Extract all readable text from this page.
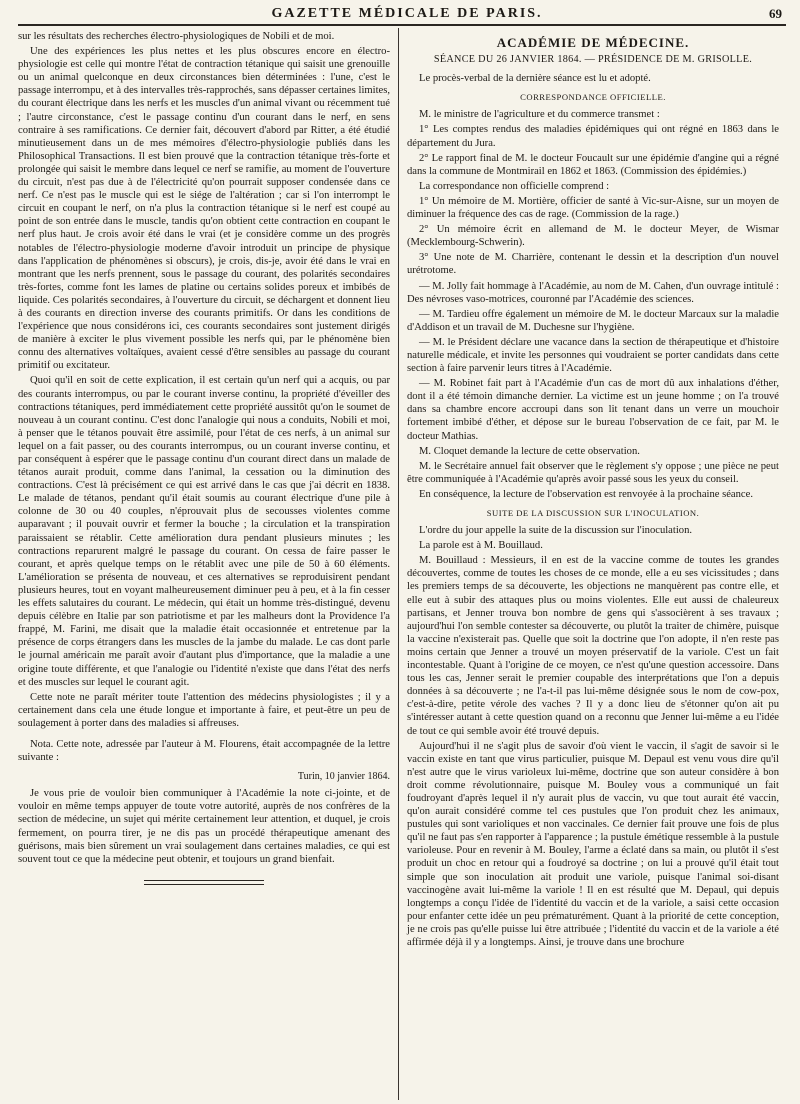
GAZETTE MÉDICALE DE PARIS.	69

sur les résultats des recherches électro-physiologiques de Nobili et de moi.

Une des expériences les plus nettes et les plus obscures encore en électro-physiologie est celle qui montre l'état de contraction tétanique qui saisit une grenouille ou un animal quelconque en deux circonstances bien déterminées : l'une, c'est le passage interrompu, et à des intervalles très-rapprochés, sans dépasser certaines limites, du courant électrique dans les nerfs et les muscles d'un animal vivant ou récemment tué ; l'autre circonstance, c'est le passage continu d'un courant dans le nerf, en sens contraire à ses ramifications. Ce dernier fait, découvert d'abord par Ritter, a été étudié minutieusement dans un de mes mémoires d'électro-physiologie publiés dans les Philosophical Transactions. Il est bien prouvé que la contraction tétanique très-forte et prolongée qui saisit le membre dans lequel ce nerf se ramifie, au moment de l'ouverture du circuit, n'est pas due à de l'électricité qu'on pourrait supposer condensée dans ce nerf. Ce n'est pas le muscle qui est le siége de l'altération ; car si l'on interrompt le circuit en coupant le nerf, on n'a plus la contraction tétanique si le nerf est coupé au point de son entrée dans le muscle, tandis qu'on obtient cette contraction en coupant le nerf plus haut. Je crois avoir été dans le vrai (et je considère comme un des progrès notables de l'électro-physiologie moderne d'avoir introduit un principe de physique dans l'application de phénomènes si obscurs), je crois, dis-je, avoir été dans le vrai en montrant que les nerfs prennent, sous le passage du courant, des polarités secondaires très-fortes, comme font les lames de platine ou certains solides poreux et imbibés de liquide. Ces polarités secondaires, à l'ouverture du circuit, se déchargent et donnent lieu à des courants en direction inverse des courants primitifs. Or dans les conditions de l'expérience que nous considérons ici, ces courants secondaires sont justement dirigés de manière à exciter le plus vivement possible les nerfs qui, par le phénomène bien connu des alternatives voltaïques, avaient cessé d'être sensibles au passage du courant primitif ou excitateur.

Quoi qu'il en soit de cette explication, il est certain qu'un nerf qui a acquis, ou par des courants interrompus, ou par le courant inverse continu, la propriété d'éveiller des contractions tétaniques, perd immédiatement cette propriété aussitôt qu'on le soumet de nouveau à un courant continu. C'est donc l'analogie qui nous a conduits, Nobili et moi, à penser que le tétanos pouvait être assimilé, pour l'état de ces nerfs, à un animal sur lequel on a fait passer, ou des courants interrompus, ou un courant inverse continu, et par conséquent à espérer que le passage continu d'un courant direct dans un malade de tétanos aurait produit, comme dans l'animal, la cessation ou la diminution des contractions. C'est là précisément ce qui est arrivé dans le cas que j'ai décrit en 1838. Le malade de tétanos, pendant qu'il était soumis au courant électrique d'une pile à colonne de 30 ou 40 couples, n'éprouvait plus de secousses violentes comme auparavant ; il pouvait ouvrir et fermer la bouche ; la circulation et la transpiration paraissaient se rétablir. Cette amélioration dura pendant plusieurs minutes ; les contractions reparurent malgré le passage du courant. On cessa de faire passer le courant, et après quelque temps on le rétablit avec une pile de 50 à 60 éléments. L'amélioration se présenta de nouveau, et ces alternatives se reproduisirent pendant plusieurs heures, tout en voyant malheureusement diminuer peu à peu, et à la fin cesser les effets salutaires du courant. Le médecin, qui était un homme très-distingué, devenu depuis célèbre en Italie par son patriotisme et par les malheurs dont la Providence l'a frappé, M. Farini, me disait que la maladie était occasionnée et entretenue par la présence de corps étrangers dans les muscles de la jambe du malade. Le cas dont parle le journal américain me paraît avoir d'autant plus d'importance, que la maladie a une origine toute différente, et que l'analogie ou l'identité n'existe que dans l'état des nerfs et des muscles sur lequel le courant agit.

Cette note ne paraît mériter toute l'attention des médecins physiologistes ; il y a certainement dans cela une étude longue et importante à faire, et peut-être un peu de soulagement à porter dans des maladies si affreuses.

Nota. Cette note, adressée par l'auteur à M. Flourens, était accompagnée de la lettre suivante :

Turin, 10 janvier 1864.

Je vous prie de vouloir bien communiquer à l'Académie la note ci-jointe, et de vouloir en même temps appuyer de toute votre autorité, auprès de nos confrères de la section de médecine, un sujet qui mérite certainement leur attention, et duquel, je crois fermement, on pourra tirer, je ne dis pas un procédé thérapeutique amenant des guérisons, mais bien sûrement un vrai soulagement dans certaines maladies, ce qui est souvent tout ce que la médecine peut obtenir, et toujours un grand bienfait.

ACADÉMIE DE MÉDECINE.
SÉANCE DU 26 JANVIER 1864. — PRÉSIDENCE DE M. GRISOLLE.

Le procès-verbal de la dernière séance est lu et adopté.

CORRESPONDANCE OFFICIELLE.

M. le ministre de l'agriculture et du commerce transmet :

1° Les comptes rendus des maladies épidémiques qui ont régné en 1863 dans le département du Jura.

2° Le rapport final de M. le docteur Foucault sur une épidémie d'angine qui a régné dans la commune de Montmirail en 1862 et 1863. (Commission des épidémies.)

La correspondance non officielle comprend :

1° Un mémoire de M. Mortière, officier de santé à Vic-sur-Aisne, sur un moyen de diminuer la fréquence des cas de rage. (Commission de la rage.)

2° Un mémoire écrit en allemand de M. le docteur Meyer, de Wismar (Mecklembourg-Schwerin).

3° Une note de M. Charrière, contenant le dessin et la description d'un nouvel urétrotome.

— M. Jolly fait hommage à l'Académie, au nom de M. Cahen, d'un ouvrage intitulé : Des névroses vaso-motrices, couronné par l'Académie des sciences.

— M. Tardieu offre également un mémoire de M. le docteur Marcaux sur la maladie d'Addison et un travail de M. Duchesne sur l'hygiène.

— M. le Président déclare une vacance dans la section de thérapeutique et d'histoire naturelle médicale, et invite les personnes qui voudraient se porter candidats dans cette section à faire parvenir leurs titres à l'Académie.

— M. Robinet fait part à l'Académie d'un cas de mort dû aux inhalations d'éther, dont il a été témoin dimanche dernier. La victime est un jeune homme ; on l'a trouvé dans sa chambre encore accroupi dans son lit tenant dans un verre un mouchoir fortement imbibé d'éther, et dépose sur le bureau l'observation de ce fait, par M. le docteur Mathias.

M. Cloquet demande la lecture de cette observation.

M. le Secrétaire annuel fait observer que le règlement s'y oppose ; une pièce ne peut être communiquée à l'Académie qu'après avoir passé sous les yeux du conseil.

En conséquence, la lecture de l'observation est renvoyée à la prochaine séance.

SUITE DE LA DISCUSSION SUR L'INOCULATION.

L'ordre du jour appelle la suite de la discussion sur l'inoculation.

La parole est à M. Bouillaud.

M. Bouillaud : Messieurs, il en est de la vaccine comme de toutes les grandes découvertes, comme de toutes les choses de ce monde, elle a eu ses vicissitudes ; dans les premiers temps de sa découverte, les objections ne manquèrent pas contre elle, et elle eut à subir des attaques plus ou moins violentes. Elle eut aussi de chaleureux partisans, et Jenner trouva bon nombre de gens qui s'associèrent à ses travaux ; aujourd'hui l'on semble contester sa découverte, ou plutôt la traiter de chimère, puisque la vaccine n'existerait pas. Quelle que soit la doctrine que l'on adopte, il n'en reste pas moins certain que Jenner a trouvé un moyen préservatif de la variole. C'est un fait incontestable. Quant à l'origine de ce moyen, ce n'est qu'une question accessoire. Dans tous les cas, Jenner serait le premier coupable des interprétations que l'on a depuis données à sa découverte ; ne l'a-t-il pas lui-même désignée sous le nom de cow-pox, c'est-à-dire, petite vérole des vaches ? Il y a donc lieu de s'étonner qu'on ait pu s'intéresser autant à cette question quand on a reconnu que Jenner lui-même a eu l'idée de tout ce qui semble avoir été trouvé depuis.

Aujourd'hui il ne s'agit plus de savoir d'où vient le vaccin, il s'agit de savoir si le vaccin existe en tant que virus particulier, puisque M. Depaul est venu vous dire qu'il n'est autre que le virus varioleux lui-même, doctrine que son auteur considère à bon droit comme révolutionnaire, puisque M. Bouley vous a communiqué un fait foudroyant d'après lequel il n'y aurait plus de vaccin, vu que tout aurait été vaccin, qu'on aurait considéré comme tel ces pustules que l'on produit chez les animaux, pustules qui sont varioliques et non vaccinales. Ce dernier fait prouve une fois de plus qu'il ne faut pas s'en rapporter à l'apparence ; la pustule émétique ressemble à la pustule varioleuse. Pour en revenir à M. Bouley, l'arme a éclaté dans sa main, ou plutôt il s'est produit un choc en retour qui a foudroyé sa doctrine ; on lui a prouvé qu'il était tout simple que son inoculation ait produit une variole, puisque l'animal soi-disant vaccinogène avait lui-même la variole ! Il en est résulté que M. Depaul, qui depuis longtemps a conçu l'idée de l'identité du vaccin et de la variole, a saisi cette occasion pour enfanter cette idée un peu prématurément. Quant à la priorité de cette conception, je ne crois pas qu'elle puisse lui être attribuée ; l'identité du vaccin et de la variole a été affirmée déjà il y a longtemps. Ainsi, je trouve dans une brochure
